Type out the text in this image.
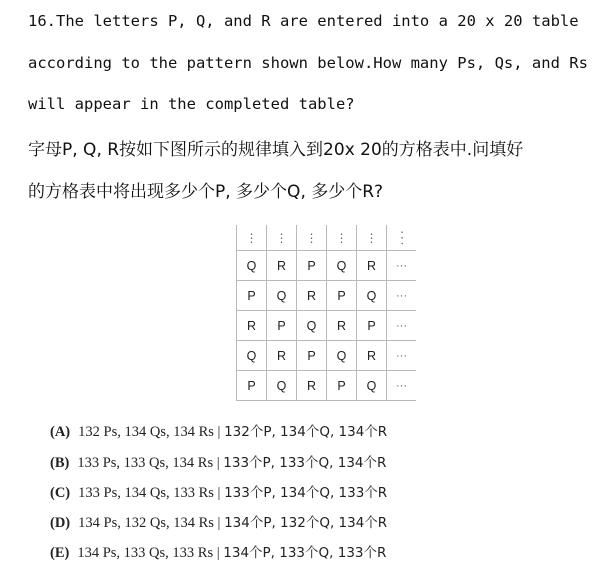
16.The letters P, Q, and R are entered into a 20 x 20 table
according to the pattern shown below.How many Ps, Qs, and Rs
will appear in the completed table?
字母P, Q, R按如下图所示的规律填入到20x 20的方格表中.问填好
的方格表中将出现多少个P, 多少个Q, 多少个R?
⋮	⋮	⋮	⋮	⋮	⋰
Q	R	P	Q	R	···
P	Q	R	P	Q	···
R	P	Q	R	P	···
Q	R	P	Q	R	···
P	Q	R	P	Q	···
(A) 132 Ps, 134 Qs, 134 Rs | 132个P, 134个Q, 134个R
(B) 133 Ps, 133 Qs, 134 Rs | 133个P, 133个Q, 134个R
(C) 133 Ps, 134 Qs, 133 Rs | 133个P, 134个Q, 133个R
(D) 134 Ps, 132 Qs, 134 Rs | 134个P, 132个Q, 134个R
(E) 134 Ps, 133 Qs, 133 Rs | 134个P, 133个Q, 133个R
